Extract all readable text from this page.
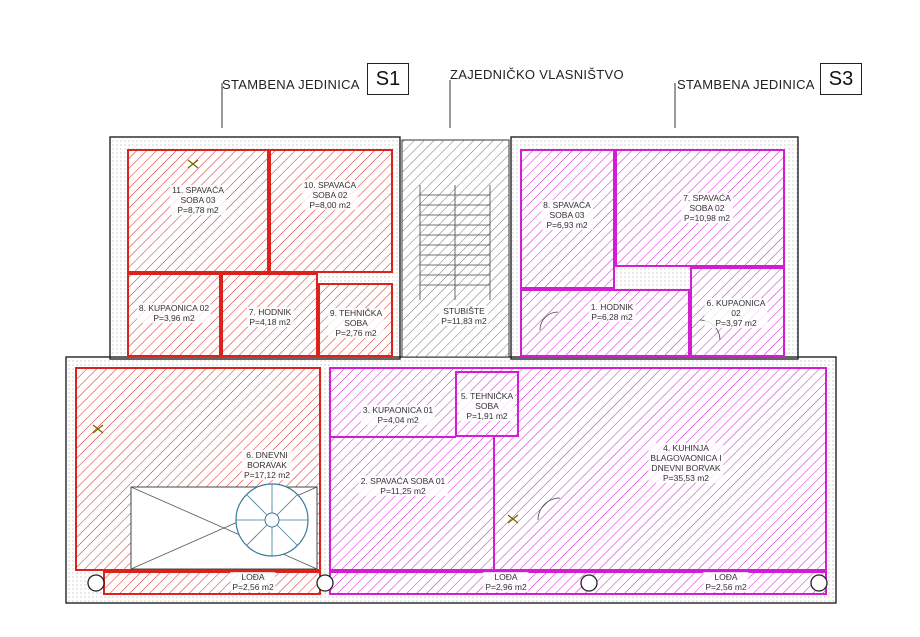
STAMBENA JEDINICA S1	ZAJEDNIČKO VLASNIŠTVO
STAMBENA JEDINICA S3
11. SPAVAĆA
SOBA 03
P=8,78 m2
10. SPAVAĆA
SOBA 02
P=8,00 m2
8. KUPAONICA 02
P=3,96 m2
7. HODNIK
P=4,18 m2
9. TEHNIČKA
SOBA
P=2,76 m2
6. DNEVNI
BORAVAK
P=17,12 m2
LOĐA
P=2,56 m2
STUBIŠTE
P=11,83 m2
8. SPAVAĆA
SOBA 03
P=6,93 m2
7. SPAVAĆA
SOBA 02
P=10,98 m2
1. HODNIK
P=6,28 m2
6. KUPAONICA
02
P=3,97 m2
3. KUPAONICA 01
P=4,04 m2
5. TEHNIČKA
SOBA
P=1,91 m2
2. SPAVAĆA SOBA 01
P=11,25 m2
4. KUHINJA
BLAGOVAONICA I
DNEVNI BORVAK
P=35,53 m2
LOĐA
P=2,96 m2
LOĐA
P=2,56 m2
